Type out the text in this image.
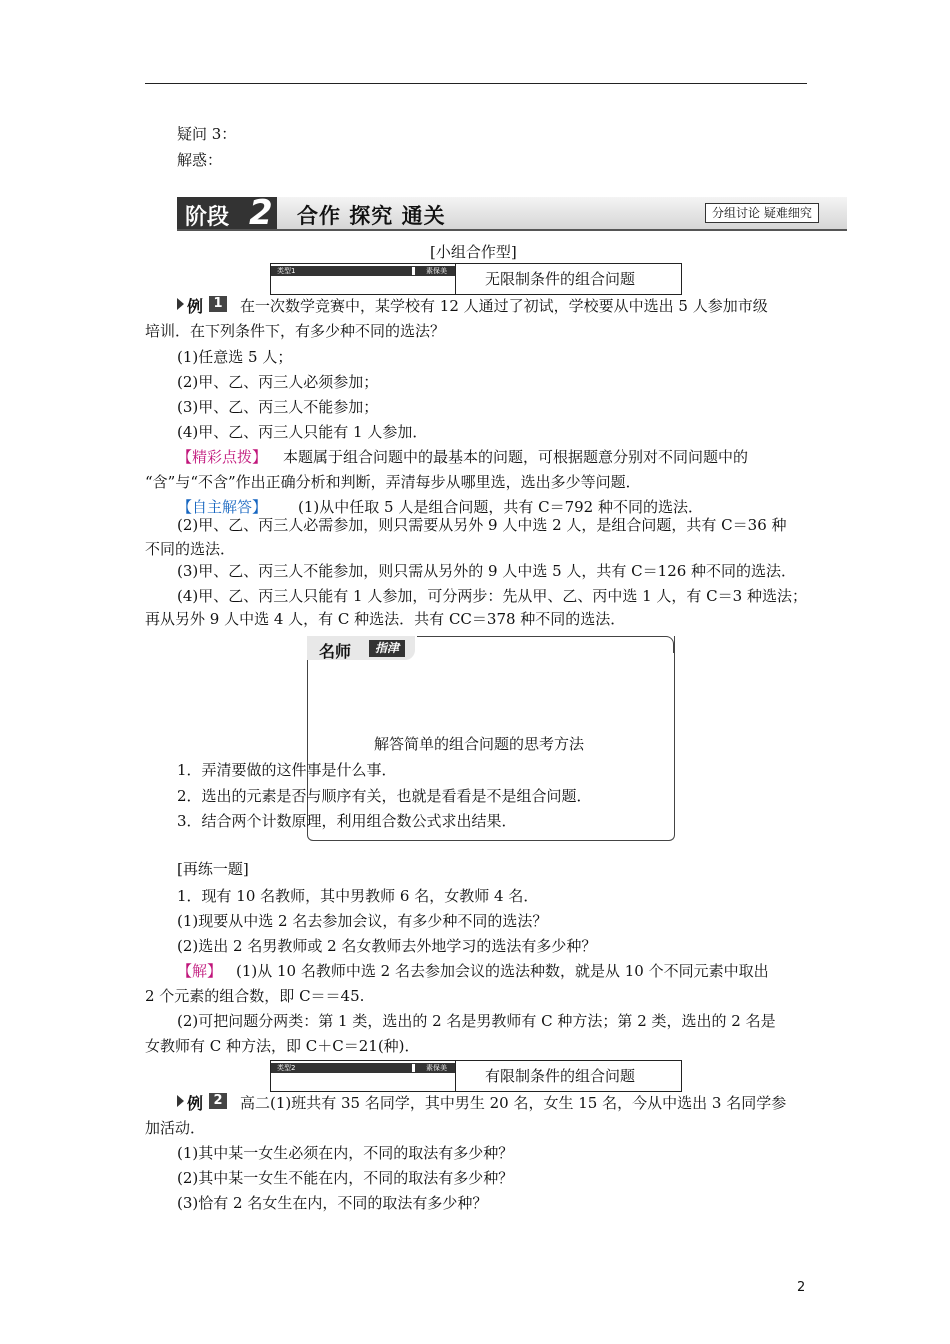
疑问 3：
解惑：
阶段 2 合作 探究 通关	分组讨论 疑难细究
[小组合作型]
类型1	素保美	无限制条件的组合问题
例 1 在一次数学竞赛中，某学校有 12 人通过了初试，学校要从中选出 5 人参加市级
培训．在下列条件下，有多少种不同的选法？
(1)任意选 5 人；
(2)甲、乙、丙三人必须参加；
(3)甲、乙、丙三人不能参加；
(4)甲、乙、丙三人只能有 1 人参加．
【精彩点拨】 本题属于组合问题中的最基本的问题，可根据题意分别对不同问题中的
“含”与“不含”作出正确分析和判断，弄清每步从哪里选，选出多少等问题．
【自主解答】 (1)从中任取 5 人是组合问题，共有 C＝792 种不同的选法．
(2)甲、乙、丙三人必需参加，则只需要从另外 9 人中选 2 人，是组合问题，共有 C＝36 种
不同的选法．
(3)甲、乙、丙三人不能参加，则只需从另外的 9 人中选 5 人，共有 C＝126 种不同的选法．
(4)甲、乙、丙三人只能有 1 人参加，可分两步：先从甲、乙、丙中选 1 人，有 C＝3 种选法；
再从另外 9 人中选 4 人，有 C 种选法．共有 CC＝378 种不同的选法．
名师	指津
解答简单的组合问题的思考方法
1．弄清要做的这件事是什么事．
2．选出的元素是否与顺序有关，也就是看看是不是组合问题．
3．结合两个计数原理，利用组合数公式求出结果．
[再练一题]
1．现有 10 名教师，其中男教师 6 名，女教师 4 名．
(1)现要从中选 2 名去参加会议，有多少种不同的选法？
(2)选出 2 名男教师或 2 名女教师去外地学习的选法有多少种？
【解】 (1)从 10 名教师中选 2 名去参加会议的选法种数，就是从 10 个不同元素中取出
2 个元素的组合数，即 C＝＝45.
(2)可把问题分两类：第 1 类，选出的 2 名是男教师有 C 种方法；第 2 类，选出的 2 名是
女教师有 C 种方法，即 C＋C＝21(种)．
类型2	素保美	有限制条件的组合问题
例 2 高二(1)班共有 35 名同学，其中男生 20 名，女生 15 名，今从中选出 3 名同学参
加活动．
(1)其中某一女生必须在内，不同的取法有多少种？
(2)其中某一女生不能在内，不同的取法有多少种？
(3)恰有 2 名女生在内，不同的取法有多少种？
2
